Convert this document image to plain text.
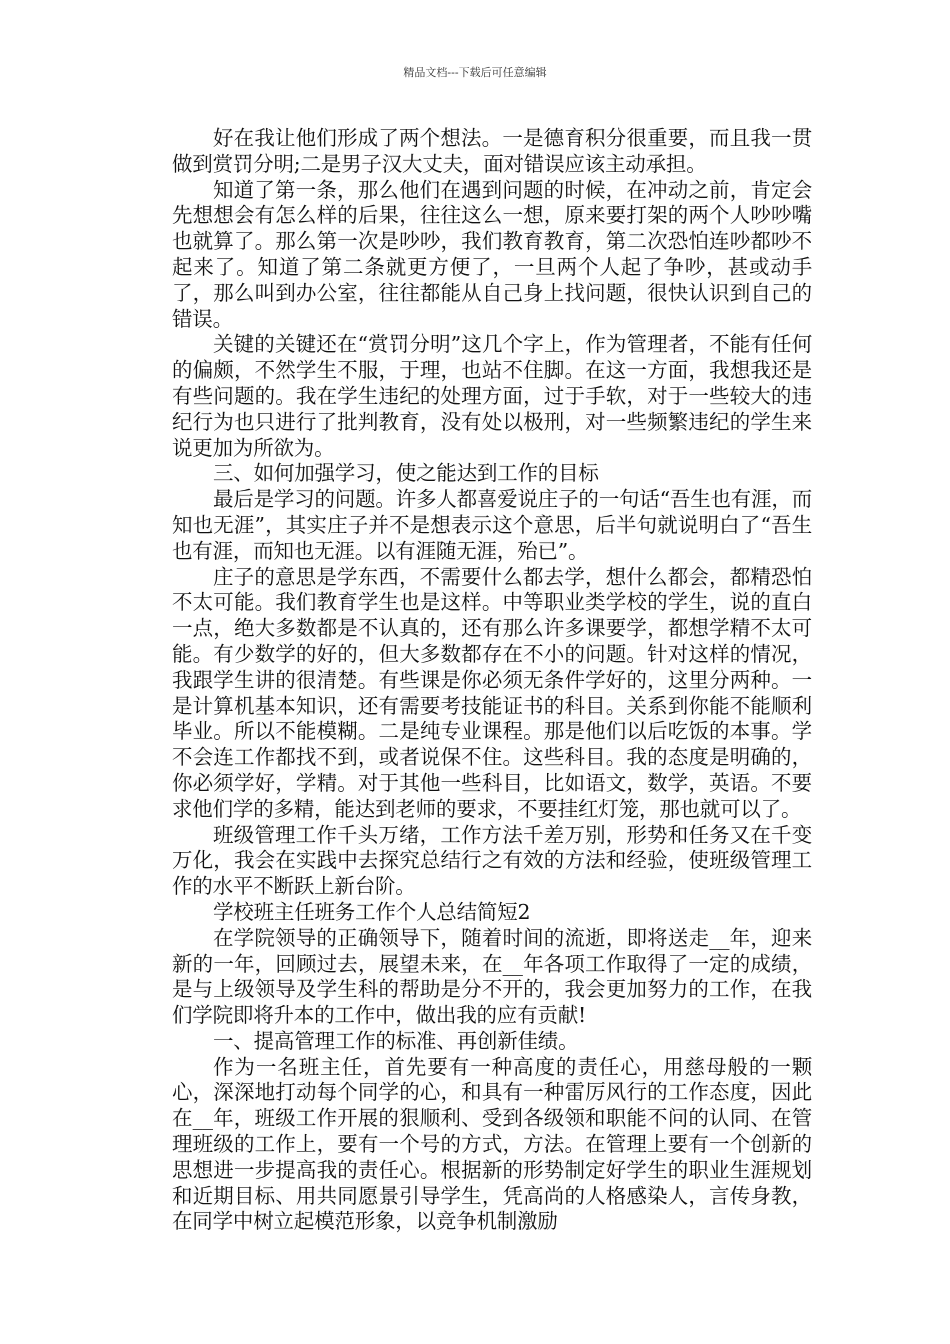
精品文档---下载后可任意编辑

好在我让他们形成了两个想法。一是德育积分很重要，而且我一贯做到赏罚分明;二是男子汉大丈夫，面对错误应该主动承担。

知道了第一条，那么他们在遇到问题的时候，在冲动之前，肯定会先想想会有怎么样的后果，往往这么一想，原来要打架的两个人吵吵嘴也就算了。那么第一次是吵吵，我们教育教育，第二次恐怕连吵都吵不起来了。知道了第二条就更方便了，一旦两个人起了争吵，甚或动手了，那么叫到办公室，往往都能从自己身上找问题，很快认识到自己的错误。

关键的关键还在“赏罚分明”这几个字上，作为管理者，不能有任何的偏颇，不然学生不服，于理，也站不住脚。在这一方面，我想我还是有些问题的。我在学生违纪的处理方面，过于手软，对于一些较大的违纪行为也只进行了批判教育，没有处以极刑，对一些频繁违纪的学生来说更加为所欲为。

三、如何加强学习，使之能达到工作的目标

最后是学习的问题。许多人都喜爱说庄子的一句话“吾生也有涯，而知也无涯”，其实庄子并不是想表示这个意思，后半句就说明白了“吾生也有涯，而知也无涯。以有涯随无涯，殆已”。

庄子的意思是学东西，不需要什么都去学，想什么都会，都精恐怕不太可能。我们教育学生也是这样。中等职业类学校的学生，说的直白一点，绝大多数都是不认真的，还有那么许多课要学，都想学精不太可能。有少数学的好的，但大多数都存在不小的问题。针对这样的情况，我跟学生讲的很清楚。有些课是你必须无条件学好的，这里分两种。一是计算机基本知识，还有需要考技能证书的科目。关系到你能不能顺利毕业。所以不能模糊。二是纯专业课程。那是他们以后吃饭的本事。学不会连工作都找不到，或者说保不住。这些科目。我的态度是明确的，你必须学好，学精。对于其他一些科目，比如语文，数学，英语。不要求他们学的多精，能达到老师的要求，不要挂红灯笼，那也就可以了。

班级管理工作千头万绪，工作方法千差万别，形势和任务又在千变万化，我会在实践中去探究总结行之有效的方法和经验，使班级管理工作的水平不断跃上新台阶。

学校班主任班务工作个人总结简短2

在学院领导的正确领导下，随着时间的流逝，即将送走__年，迎来新的一年，回顾过去，展望未来，在__年各项工作取得了一定的成绩，是与上级领导及学生科的帮助是分不开的，我会更加努力的工作，在我们学院即将升本的工作中，做出我的应有贡献!

一、提高管理工作的标准、再创新佳绩。

作为一名班主任，首先要有一种高度的责任心，用慈母般的一颗心，深深地打动每个同学的心，和具有一种雷厉风行的工作态度，因此在__年，班级工作开展的狠顺利、受到各级领和职能不问的认同、在管理班级的工作上，要有一个号的方式，方法。在管理上要有一个创新的思想进一步提高我的责任心。根据新的形势制定好学生的职业生涯规划和近期目标、用共同愿景引导学生，凭高尚的人格感染人，言传身教，在同学中树立起模范形象，以竞争机制激励
